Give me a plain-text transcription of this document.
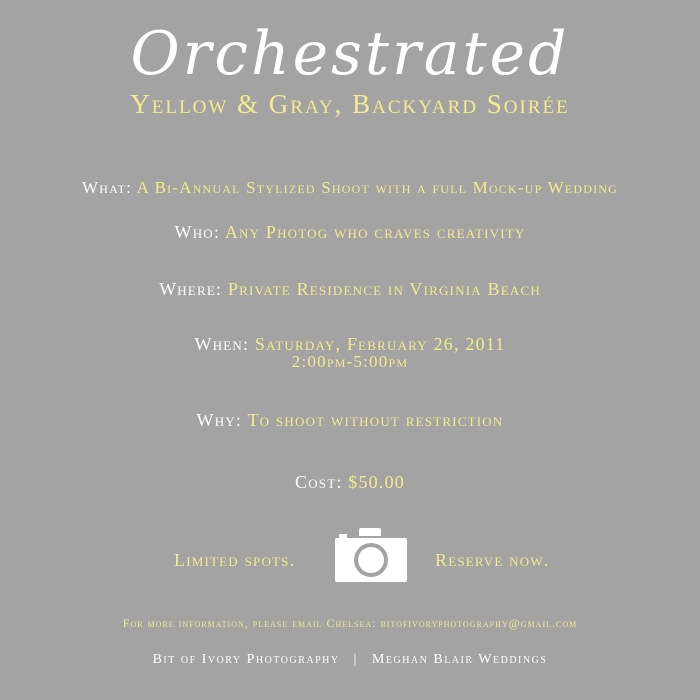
Orchestrated
Yellow & Gray, Backyard Soirée
What: A Bi-Annual Stylized Shoot with a full Mock-up Wedding
Who: Any Photog who craves creativity
Where: Private Residence in Virginia Beach
When: Saturday, February 26, 2011
2:00pm-5:00pm
Why: To shoot without restriction
Cost: $50.00
Limited spots.	Reserve now.
For more information, please email Chelsea: bitofivoryphotography@gmail.com
Bit of Ivory Photography | Meghan Blair Weddings
